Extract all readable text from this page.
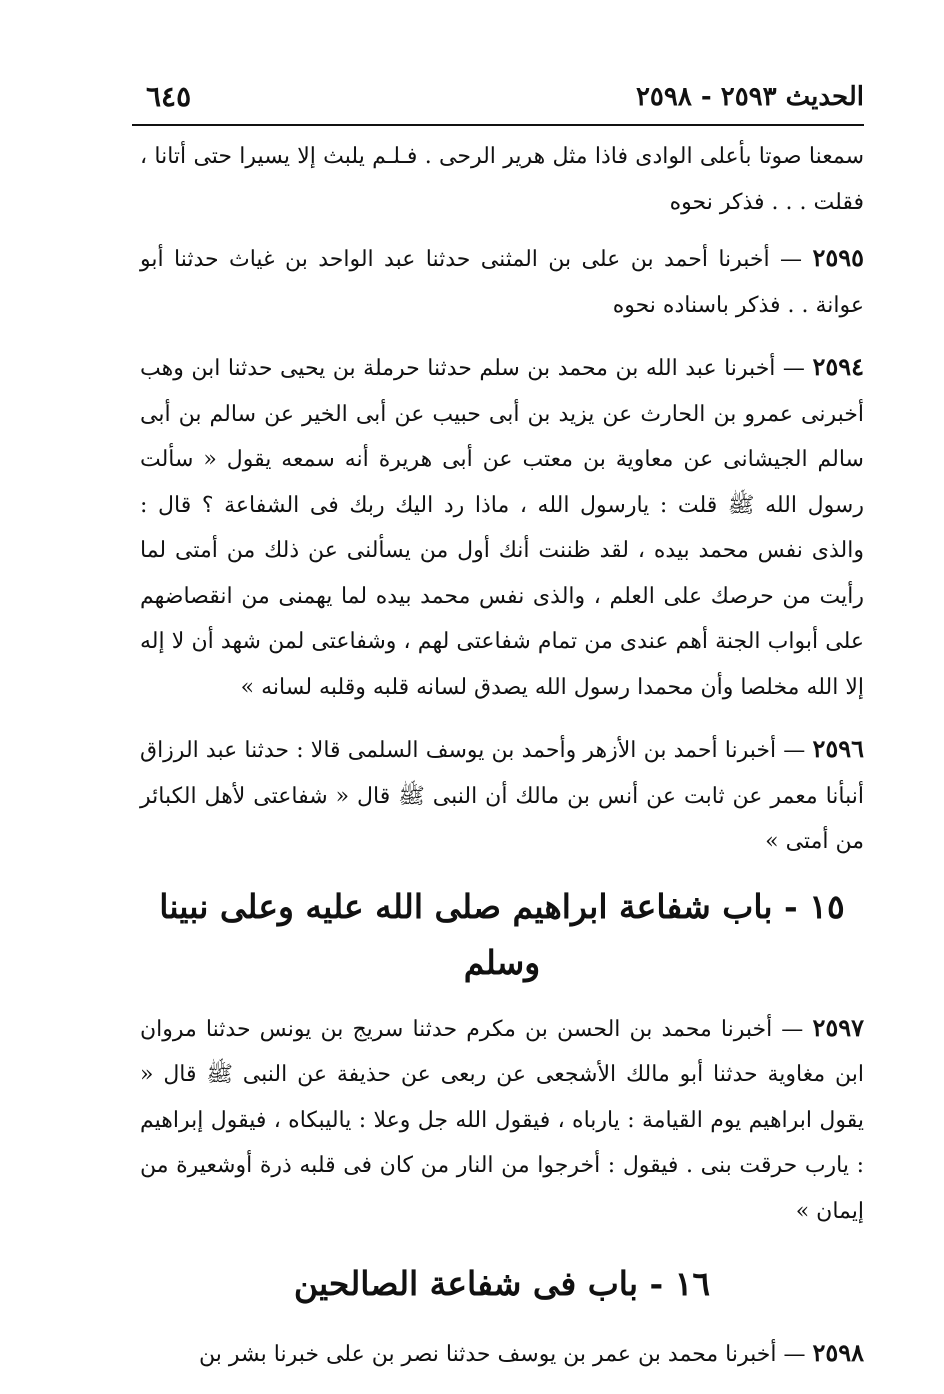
الحديث ٢٥٩٣ - ٢٥٩٨
٦٤٥

سمعنا صوتا بأعلى الوادى فاذا مثل هرير الرحى . فـلـم يلبث إلا يسيرا حتى أتانا ، فقلت . . . فذكر نحوه

٢٥٩٥ — أخبرنا أحمد بن على بن المثنى حدثنا عبد الواحد بن غياث حدثنا أبو عوانة . . فذكر باسناده نحوه

٢٥٩٤ — أخبرنا عبد الله بن محمد بن سلم حدثنا حرملة بن يحيى حدثنا ابن وهب أخبرنى عمرو بن الحارث عن يزيد بن أبى حبيب عن أبى الخير عن سالم بن أبى سالم الجيشانى عن معاوية بن معتب عن أبى هريرة أنه سمعه يقول « سألت رسول الله ﷺ قلت : يارسول الله ، ماذا رد اليك ربك فى الشفاعة ؟ قال : والذى نفس محمد بيده ، لقد ظننت أنك أول من يسألنى عن ذلك من أمتى لما رأيت من حرصك على العلم ، والذى نفس محمد بيده لما يهمنى من انقصاضهم على أبواب الجنة أهم عندى من تمام شفاعتى لهم ، وشفاعتى لمن شهد أن لا إله إلا الله مخلصا وأن محمدا رسول الله يصدق لسانه قلبه وقلبه لسانه »

٢٥٩٦ — أخبرنا أحمد بن الأزهر وأحمد بن يوسف السلمى قالا : حدثنا عبد الرزاق أنبأنا معمر عن ثابت عن أنس بن مالك أن النبى ﷺ قال « شفاعتى لأهل الكبائر من أمتى »

١٥ - باب شفاعة ابراهيم صلى الله عليه وعلى نبينا وسلم

٢٥٩٧ — أخبرنا محمد بن الحسن بن مكرم حدثنا سريج بن يونس حدثنا مروان ابن مغاوية حدثنا أبو مالك الأشجعى عن ربعى عن حذيفة عن النبى ﷺ قال « يقول ابراهيم يوم القيامة : يارباه ، فيقول الله جل وعلا : ياليبكاه ، فيقول إبراهيم : يارب حرقت بنى . فيقول : أخرجوا من النار من كان فى قلبه ذرة أوشعيرة من إيمان »

١٦ - باب فى شفاعة الصالحين

٢٥٩٨ — أخبرنا محمد بن عمر بن يوسف حدثنا نصر بن على خبرنا بشر بن
